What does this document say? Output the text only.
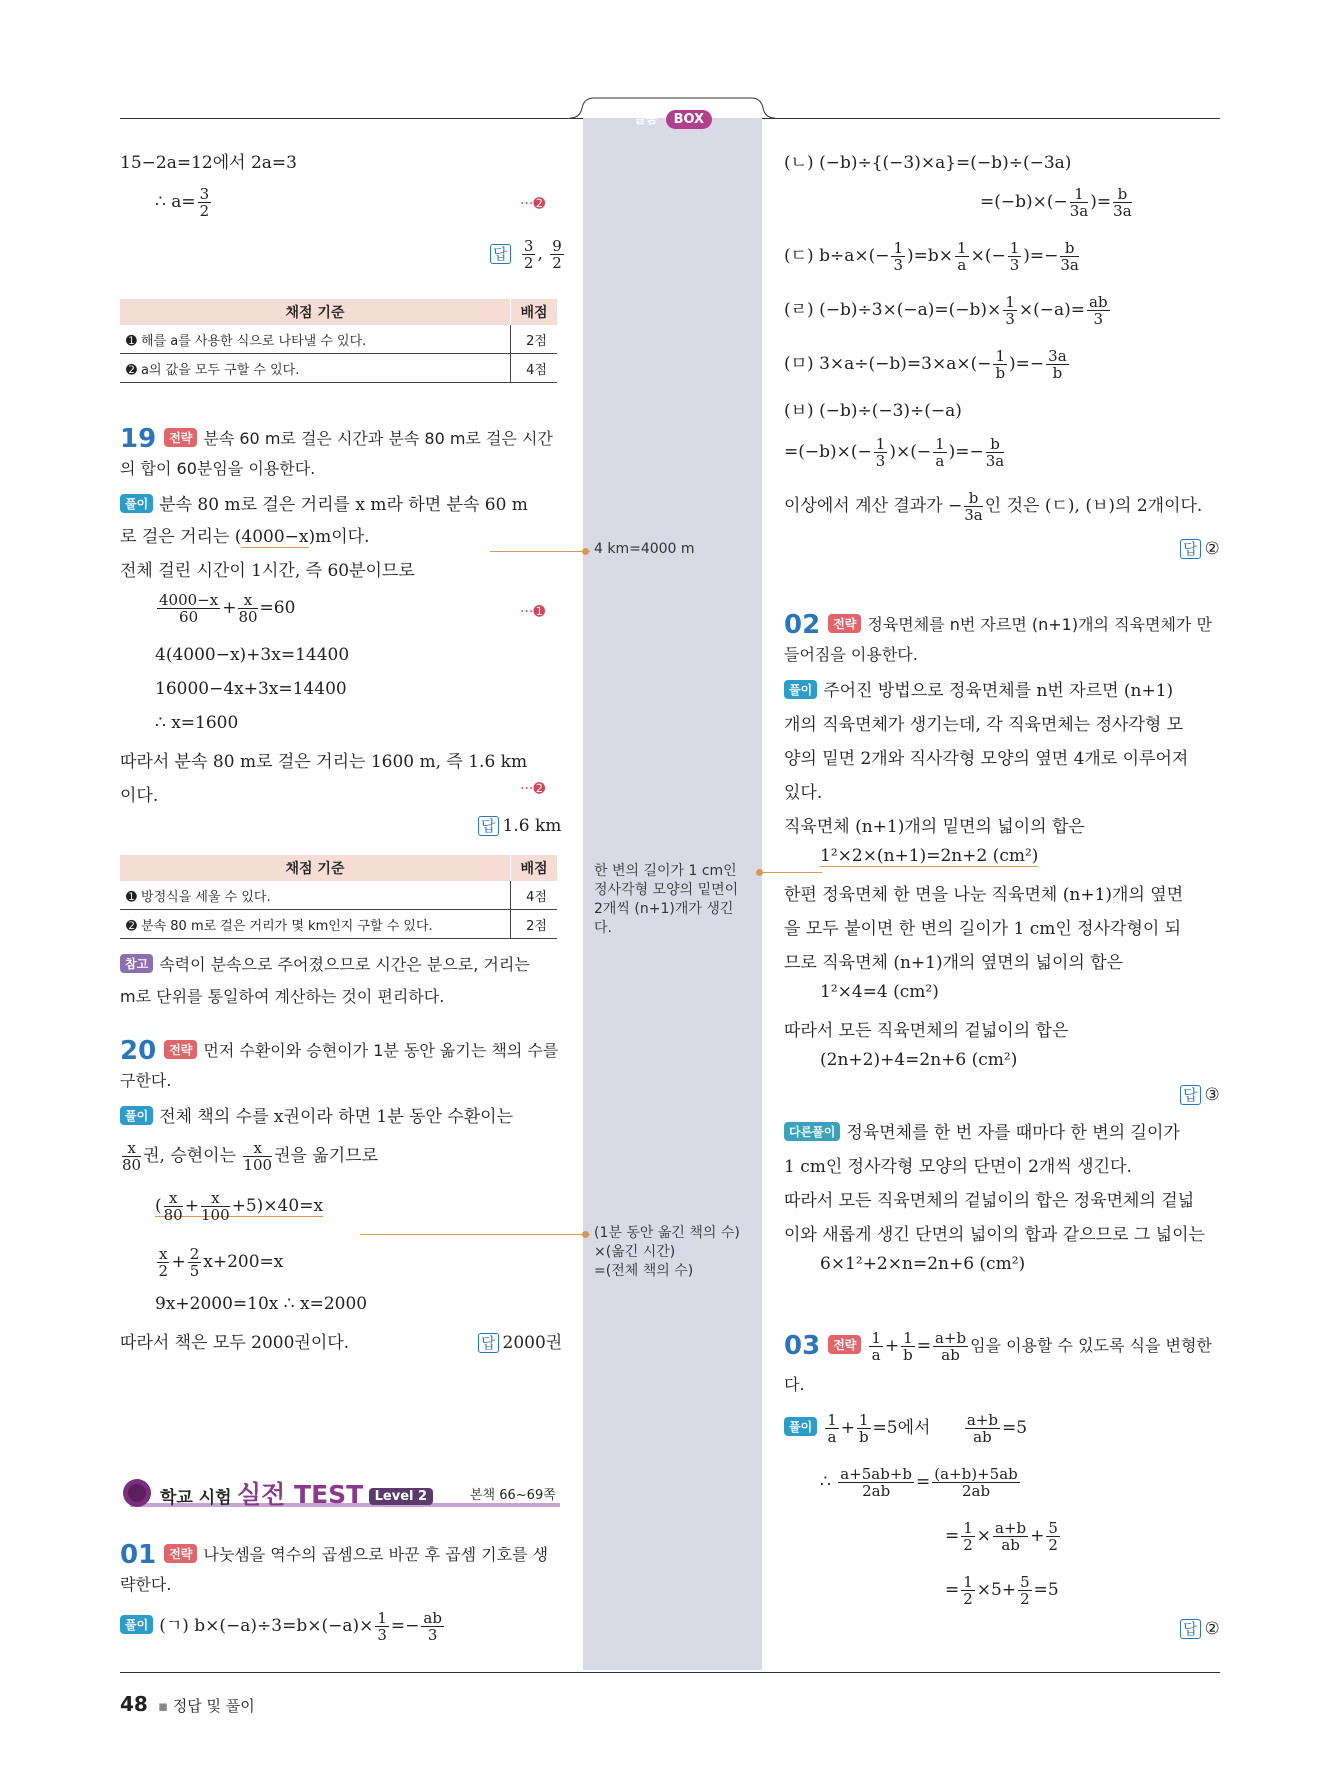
일품 BOX
15−2a=12에서 2a=3
∴ $a= \frac{3}{2}$	···➋
답 $\frac{3}{2}$ , $\frac{9}{2}$
채점 기준	배점
➊ 해를 a를 사용한 식으로 나타낼 수 있다.	2점
➋ a의 값을 모두 구할 수 있다.	4점
19 전략 분속 60 m로 걸은 시간과 분속 80 m로 걸은 시간
의 합이 60분임을 이용한다.
풀이 분속 80 m로 걸은 거리를 x m라 하면 분속 60 m
로 걸은 거리는 (4000−x)m이다.
전체 걸린 시간이 1시간, 즉 60분이므로
$\frac{4000-x}{60} + \frac{x}{80} =60$	···➊
4(4000−x)+3x=14400
16000−4x+3x=14400
∴ x=1600
따라서 분속 80 m로 걸은 거리는 1600 m, 즉 1.6 km
이다.	···➋
답 1.6 km
채점 기준	배점
➊ 방정식을 세울 수 있다.	4점
➋ 분속 80 m로 걸은 거리가 몇 km인지 구할 수 있다.	2점
참고 속력이 분속으로 주어졌으므로 시간은 분으로, 거리는
m로 단위를 통일하여 계산하는 것이 편리하다.
20 전략 먼저 수환이와 승현이가 1분 동안 옮기는 책의 수를
구한다.
풀이 전체 책의 수를 x권이라 하면 1분 동안 수환이는
$\frac{x}{80}$ 권, 승현이는 $\frac{x}{100}$ 권을 옮기므로
( $\frac{x}{80} + \frac{x}{100} +5)\times 40=x$
$\frac{x}{2} + \frac{2}{5} x+200=x$
9x+2000=10x ∴ x=2000
따라서 책은 모두 2000권이다.	답 2000권
학교 시험 실전 TEST Level 2	본책 66~69쪽
01 전략 나눗셈을 역수의 곱셈으로 바꾼 후 곱셈 기호를 생
략한다.
풀이 (ㄱ) $b\times(-a)\div 3=b\times(-a)\times \frac{1}{3} =- \frac{ab}{3}$
4 km=4000 m
한 변의 길이가 1 cm인
정사각형 모양의 밑면이
2개씩 (n+1)개가 생긴
다.
(1분 동안 옮긴 책의 수)
×(옮긴 시간)
=(전체 책의 수)
(ㄴ) (−b)÷{(−3)×a}=(−b)÷(−3a)
$=(-b)\times(- \frac{1}{3a}$ )= $\frac{b}{3a}$
(ㄷ) $b\div a\times(- \frac{1}{3} )=b\times \frac{1}{a}$ ×(− $\frac{1}{3}$ )=− $\frac{b}{3a}$
(ㄹ) $(-b)\div 3\times(-a)=(-b)\times \frac{1}{3} \times(-a)= \frac{ab}{3}$
(ㅁ) $3\times a\div(-b)=3\times a\times(- \frac{1}{b}$ )=− $\frac{3a}{b}$
(ㅂ) (−b)÷(−3)÷(−a)
$=(-b)\times(- \frac{1}{3}$ )×(− $\frac{1}{a}$ )=− $\frac{b}{3a}$
이상에서 계산 결과가 − $\frac{b}{3a}$ 인 것은 (ㄷ), (ㅂ)의 2개이다.
답 ②
02 전략 정육면체를 n번 자르면 (n+1)개의 직육면체가 만
들어짐을 이용한다.
풀이 주어진 방법으로 정육면체를 n번 자르면 (n+1)
개의 직육면체가 생기는데, 각 직육면체는 정사각형 모
양의 밑면 2개와 직사각형 모양의 옆면 4개로 이루어져
있다.
직육면체 (n+1)개의 밑면의 넓이의 합은
1²×2×(n+1)=2n+2 (cm²)
한편 정육면체 한 면을 나눈 직육면체 (n+1)개의 옆면
을 모두 붙이면 한 변의 길이가 1 cm인 정사각형이 되
므로 직육면체 (n+1)개의 옆면의 넓이의 합은
1²×4=4 (cm²)
따라서 모든 직육면체의 겉넓이의 합은
(2n+2)+4=2n+6 (cm²)
답 ③
다른풀이 정육면체를 한 번 자를 때마다 한 변의 길이가
1 cm인 정사각형 모양의 단면이 2개씩 생긴다.
따라서 모든 직육면체의 겉넓이의 합은 정육면체의 겉넓
이와 새롭게 생긴 단면의 넓이의 합과 같으므로 그 넓이는
6×1²+2×n=2n+6 (cm²)
03 전략 $\frac{1}{a} + \frac{1}{b} = \frac{a+b}{ab}$ 임을 이용할 수 있도록 식을 변형한
다.
풀이 $\frac{1}{a} + \frac{1}{b} =5$에서 $\frac{a+b}{ab} =5$
∴ $\frac{a+5ab+b}{2ab} = \frac{(a+b)+5ab}{2ab}$
= $\frac{1}{2} \times \frac{a+b}{ab} + \frac{5}{2}$
= $\frac{1}{2} \times 5+ \frac{5}{2} =5$
답 ②
48 ▪ 정답 및 풀이
